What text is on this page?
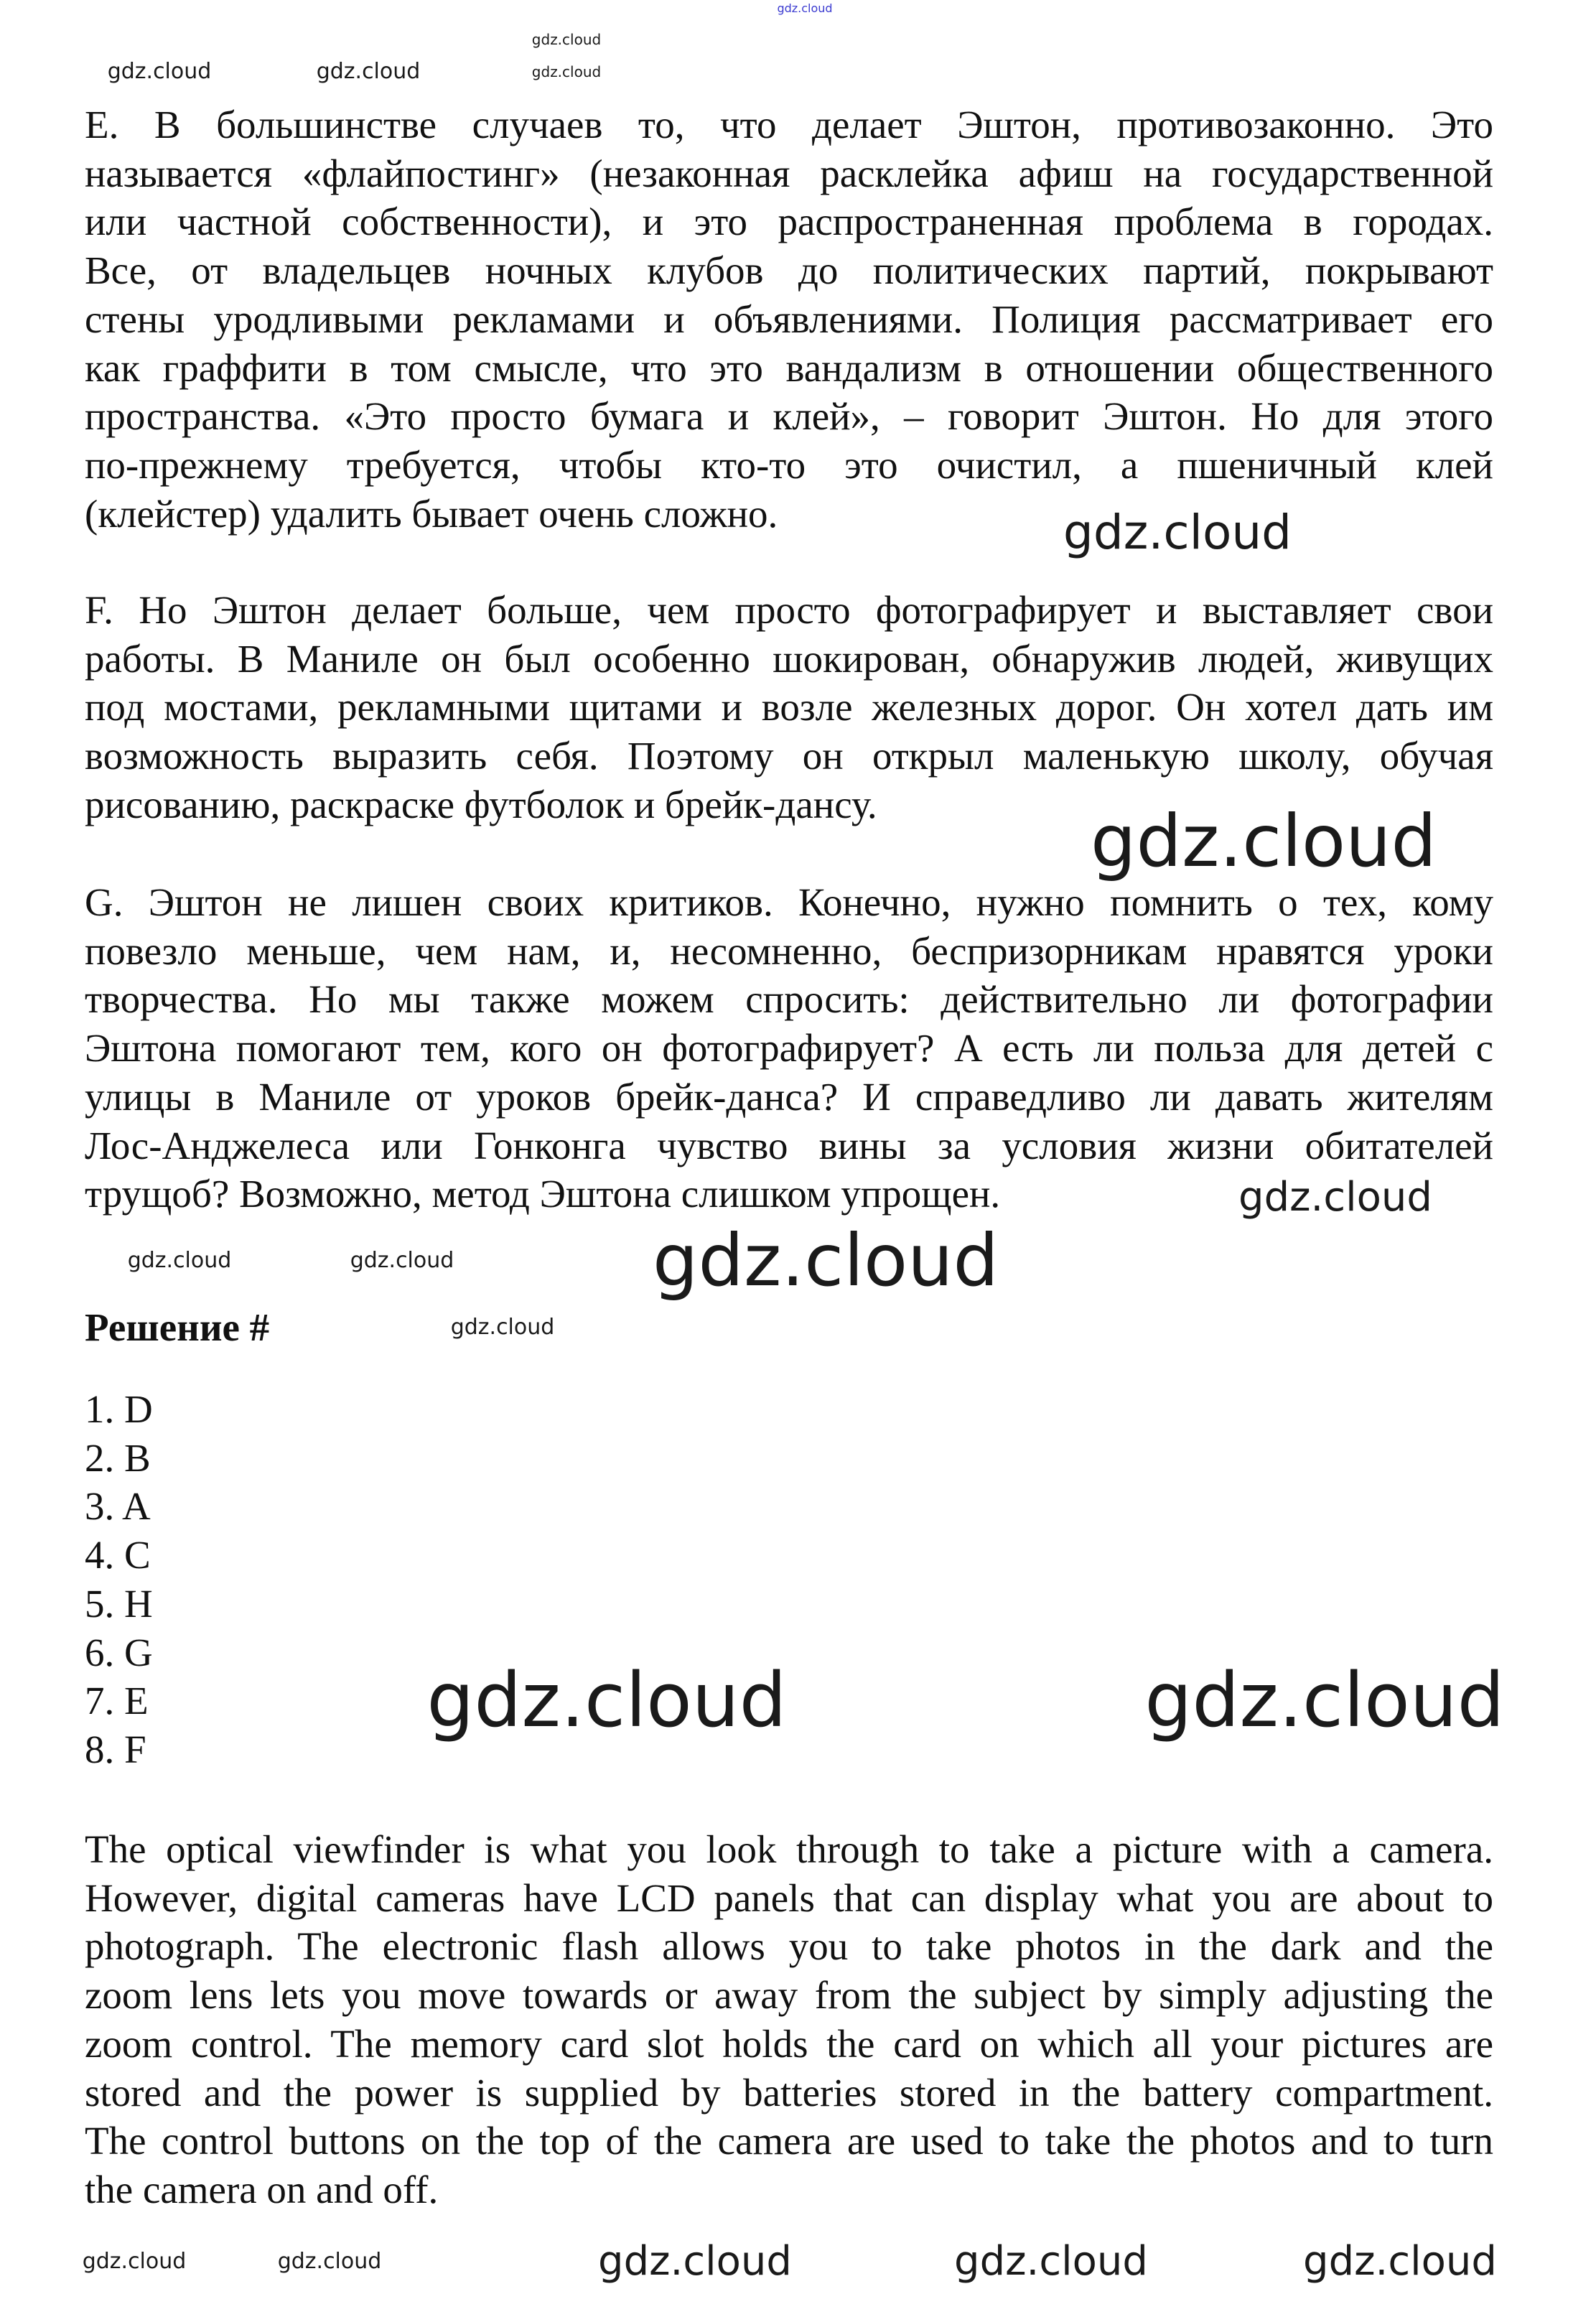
E. В большинстве случаев то, что делает Эштон, противозаконно. Это
называется «флайпостинг» (незаконная расклейка афиш на государственной
или частной собственности), и это распространенная проблема в городах.
Все, от владельцев ночных клубов до политических партий, покрывают
стены уродливыми рекламами и объявлениями. Полиция рассматривает его
как граффити в том смысле, что это вандализм в отношении общественного
пространства. «Это просто бумага и клей», – говорит Эштон. Но для этого
по-прежнему требуется, чтобы кто-то это очистил, а пшеничный клей
(клейстер) удалить бывает очень сложно.
F. Но Эштон делает больше, чем просто фотографирует и выставляет свои
работы. В Маниле он был особенно шокирован, обнаружив людей, живущих
под мостами, рекламными щитами и возле железных дорог. Он хотел дать им
возможность выразить себя. Поэтому он открыл маленькую школу, обучая
рисованию, раскраске футболок и брейк-дансу.
G. Эштон не лишен своих критиков. Конечно, нужно помнить о тех, кому
повезло меньше, чем нам, и, несомненно, беспризорникам нравятся уроки
творчества. Но мы также можем спросить: действительно ли фотографии
Эштона помогают тем, кого он фотографирует? А есть ли польза для детей с
улицы в Маниле от уроков брейк-данса? И справедливо ли давать жителям
Лос-Анджелеса или Гонконга чувство вины за условия жизни обитателей
трущоб? Возможно, метод Эштона слишком упрощен.
Решение #
1. D
2. B
3. A
4. C
5. H
6. G
7. E
8. F
The optical viewfinder is what you look through to take a picture with a camera.
However, digital cameras have LCD panels that can display what you are about to
photograph. The electronic flash allows you to take photos in the dark and the
zoom lens lets you move towards or away from the subject by simply adjusting the
zoom control. The memory card slot holds the card on which all your pictures are
stored and the power is supplied by batteries stored in the battery compartment.
The control buttons on the top of the camera are used to take the photos and to turn
the camera on and off.
gdz.cloud
gdz.cloud
gdz.cloud	gdz.cloud	gdz.cloud
gdz.cloud
gdz.cloud
gdz.cloud	gdz.cloud
gdz.cloud
gdz.cloud
gdz.cloud
gdz.cloud	gdz.cloud
gdz.cloud	gdz.cloud	gdz.cloud	gdz.cloud	gdz.cloud
